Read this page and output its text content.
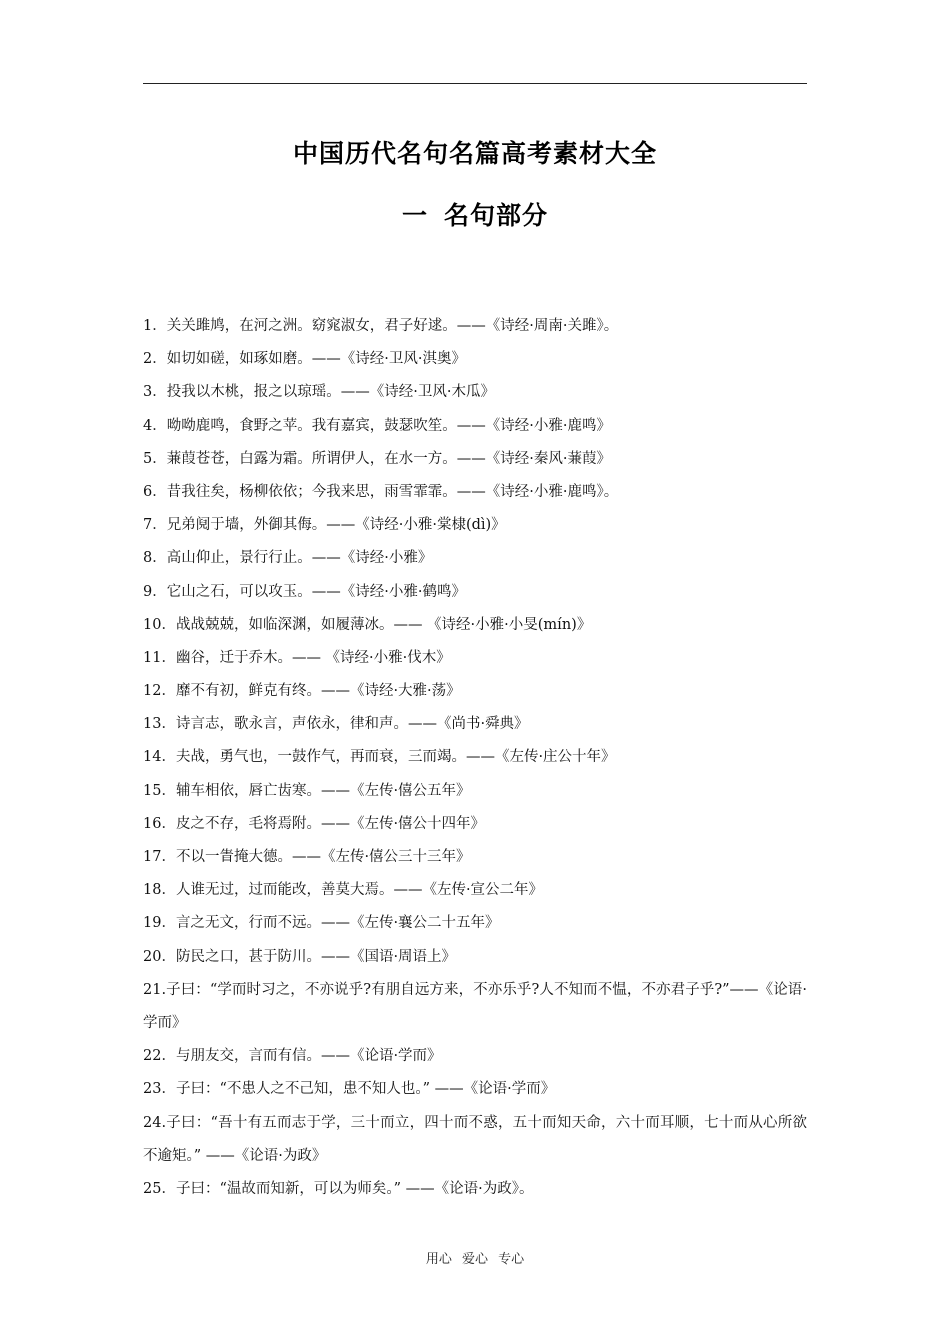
中国历代名句名篇高考素材大全
一 名句部分
1．关关雎鸠，在河之洲。窈窕淑女，君子好逑。——《诗经·周南·关雎》。
2．如切如磋，如琢如磨。——《诗经·卫风·淇奥》
3．投我以木桃，报之以琼瑶。——《诗经·卫风·木瓜》
4．呦呦鹿鸣，食野之苹。我有嘉宾，鼓瑟吹笙。——《诗经·小雅·鹿鸣》
5．蒹葭苍苍，白露为霜。所谓伊人，在水一方。——《诗经·秦风·蒹葭》
6．昔我往矣，杨柳依依；今我来思，雨雪霏霏。——《诗经·小雅·鹿鸣》。
7．兄弟阋于墙，外御其侮。——《诗经·小雅·棠棣(dì)》
8．高山仰止，景行行止。——《诗经·小雅》
9．它山之石，可以攻玉。——《诗经·小雅·鹤鸣》
10．战战兢兢，如临深渊，如履薄冰。—— 《诗经·小雅·小旻(mín)》
11．幽谷，迁于乔木。—— 《诗经·小雅·伐木》
12．靡不有初，鲜克有终。——《诗经·大雅·荡》
13．诗言志，歌永言，声依永，律和声。——《尚书·舜典》
14．夫战，勇气也，一鼓作气，再而衰，三而竭。——《左传·庄公十年》
15．辅车相依，唇亡齿寒。——《左传·僖公五年》
16．皮之不存，毛将焉附。——《左传·僖公十四年》
17．不以一眚掩大德。——《左传·僖公三十三年》
18．人谁无过，过而能改，善莫大焉。——《左传·宣公二年》
19．言之无文，行而不远。——《左传·襄公二十五年》
20．防民之口，甚于防川。——《国语·周语上》
21.子曰：“学而时习之，不亦说乎?有朋自远方来，不亦乐乎?人不知而不愠，不亦君子乎?”——《论语·学而》
22．与朋友交，言而有信。——《论语·学而》
23．子曰：“不患人之不己知，患不知人也。” ——《论语·学而》
24.子曰：“吾十有五而志于学，三十而立，四十而不惑，五十而知天命，六十而耳顺，七十而从心所欲不逾矩。” ——《论语·为政》
25．子曰：“温故而知新，可以为师矣。” ——《论语·为政》。
用心 爱心 专心
